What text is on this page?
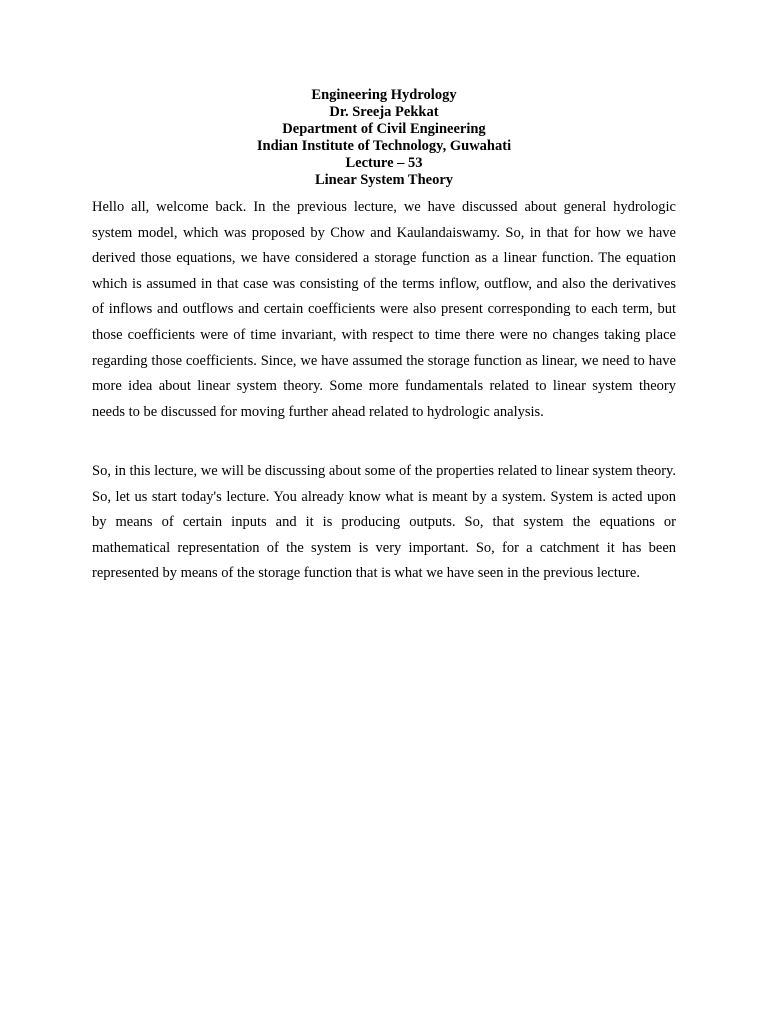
Engineering Hydrology
Dr. Sreeja Pekkat
Department of Civil Engineering
Indian Institute of Technology, Guwahati
Lecture – 53
Linear System Theory

Hello all, welcome back. In the previous lecture, we have discussed about general hydrologic system model, which was proposed by Chow and Kaulandaiswamy. So, in that for how we have derived those equations, we have considered a storage function as a linear function. The equation which is assumed in that case was consisting of the terms inflow, outflow, and also the derivatives of inflows and outflows and certain coefficients were also present corresponding to each term, but those coefficients were of time invariant, with respect to time there were no changes taking place regarding those coefficients. Since, we have assumed the storage function as linear, we need to have more idea about linear system theory. Some more fundamentals related to linear system theory needs to be discussed for moving further ahead related to hydrologic analysis.

So, in this lecture, we will be discussing about some of the properties related to linear system theory. So, let us start today's lecture. You already know what is meant by a system. System is acted upon by means of certain inputs and it is producing outputs. So, that system the equations or mathematical representation of the system is very important. So, for a catchment it has been represented by means of the storage function that is what we have seen in the previous lecture.
